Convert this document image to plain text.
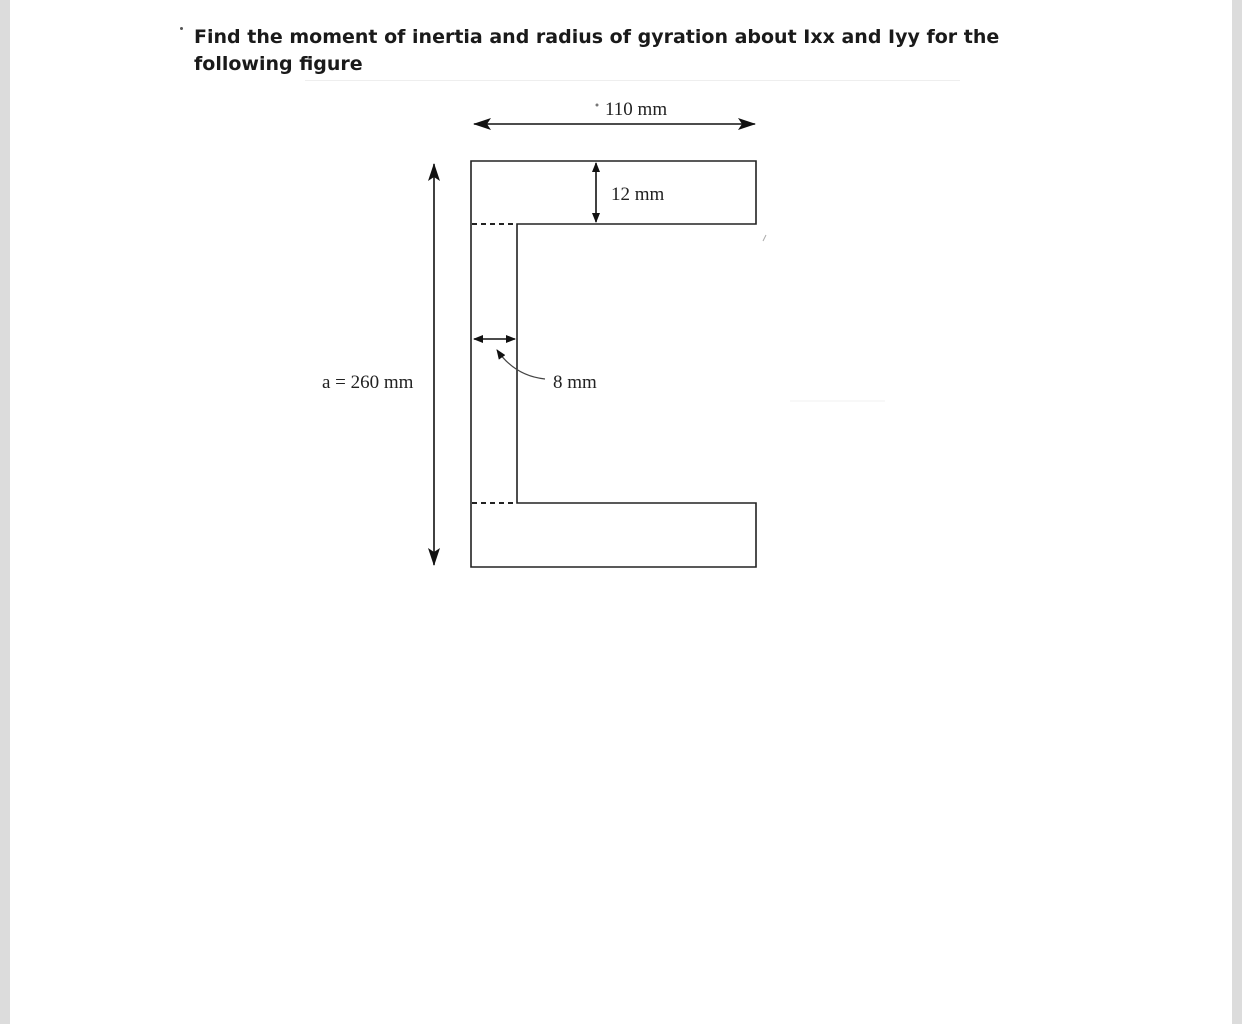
Find the moment of inertia and radius of gyration about Ixx and Iyy for the following figure

110 mm
12 mm
a = 260 mm	8 mm
